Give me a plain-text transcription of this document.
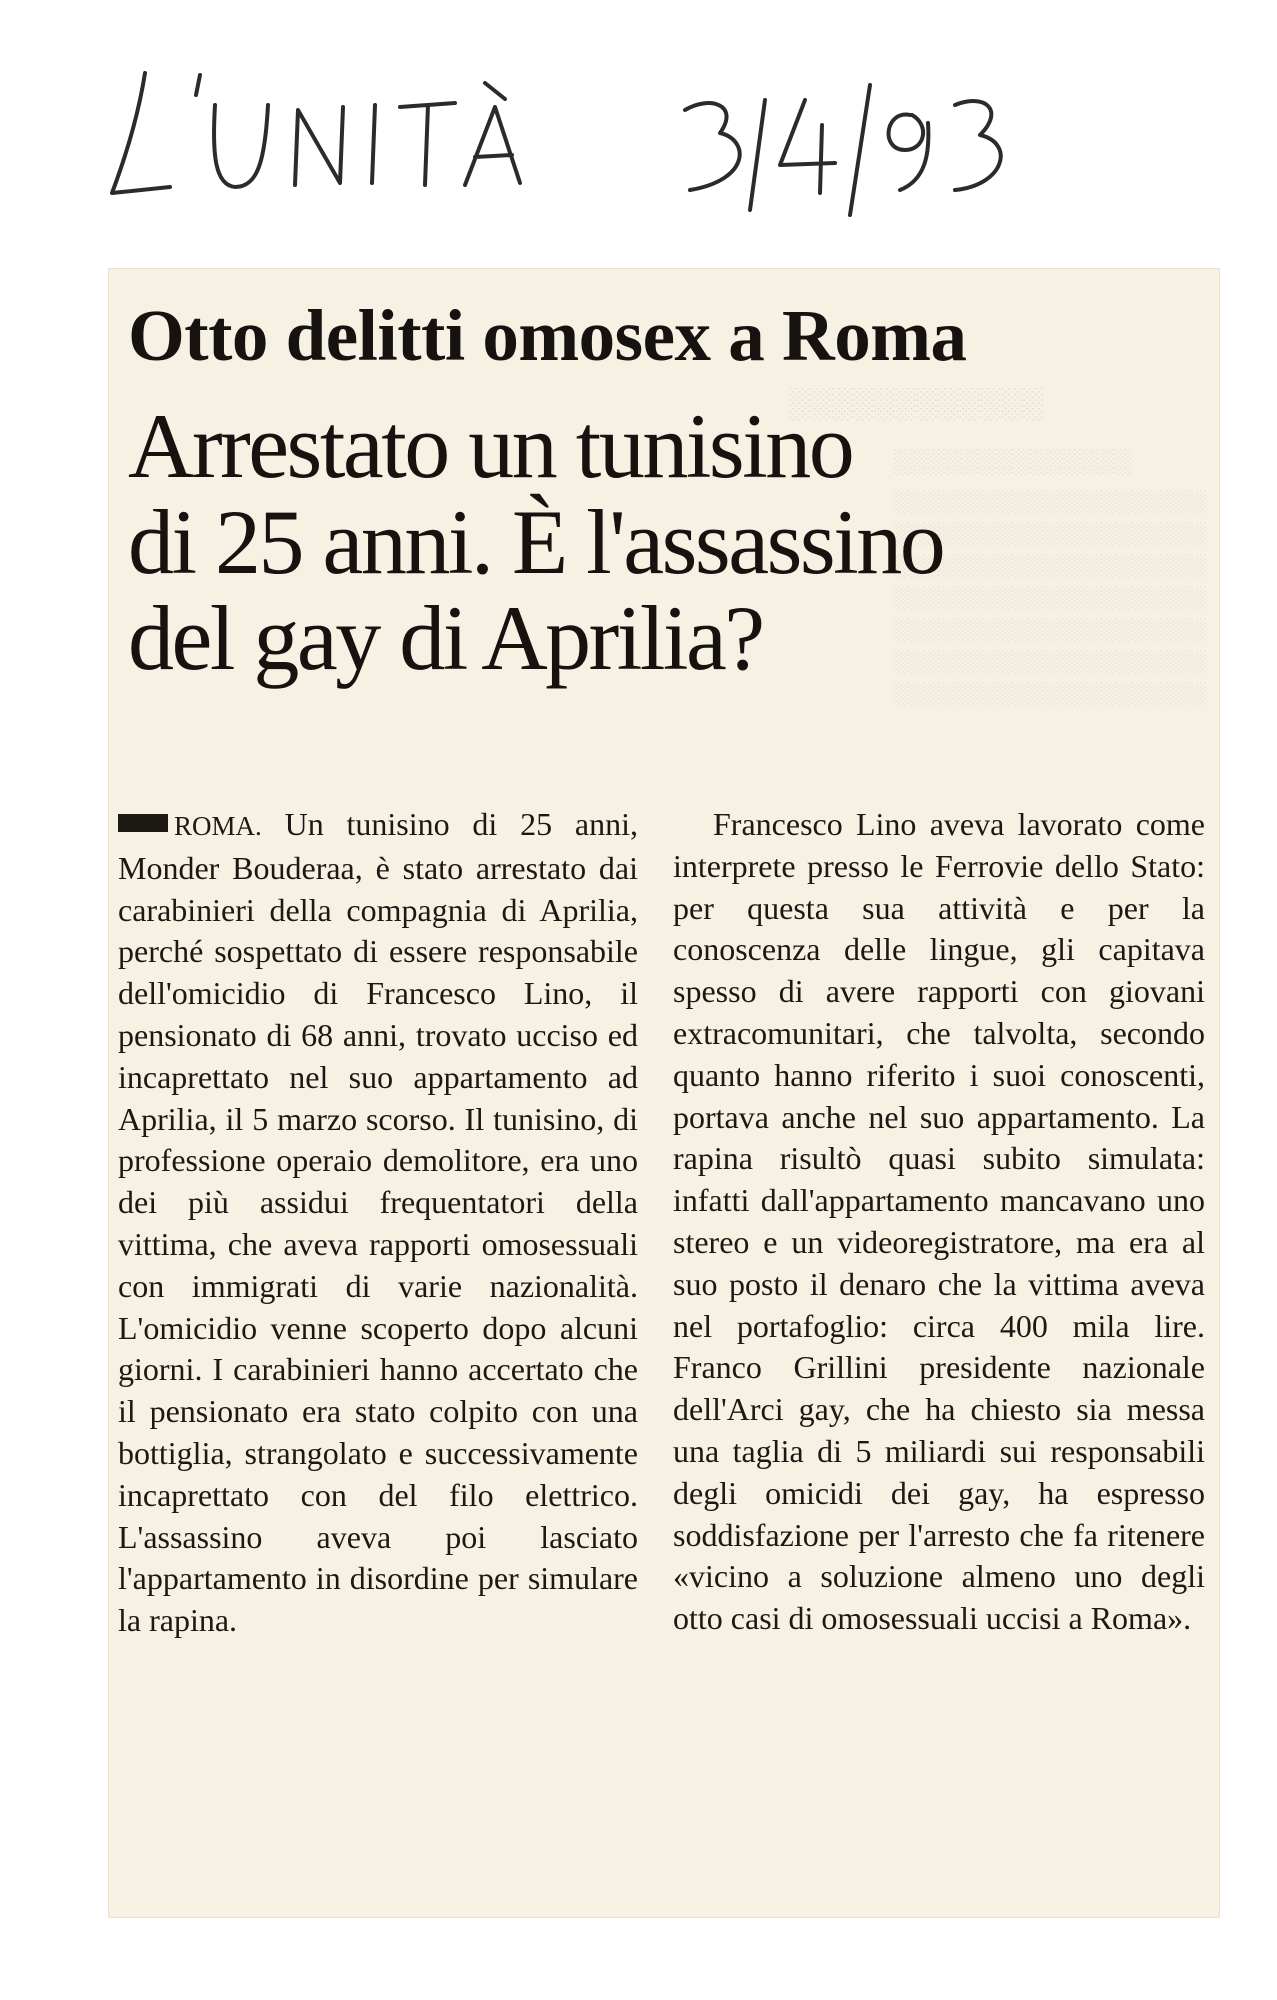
░░░░░░░░░░░░
░░░░░░░░░░░░░░
░░░░░░░░░░░░░░░░░░░░░
░░░░░░░░░░░░░░░░░░░░░
░░░░░░░░░░░░░░░░░░░░░
░░░░░░░░░░░░░░░░░░░░░
░░░░░░░░░░░░░░░░░░░░░
░░░░░░░░░░░░░░░░░░░░░
░░░░░░░░░░░░░░░░░░░░░
Otto delitti omosex a Roma
Arrestato un tunisino
di 25 anni. È l'assassino
del gay di Aprilia?

ROMA. Un tunisino di 25 anni, Monder Bouderaa, è stato arrestato dai carabinieri della compagnia di Aprilia, perché sospettato di essere responsabile dell'omicidio di Francesco Lino, il pensionato di 68 anni, trovato ucciso ed incaprettato nel suo appartamento ad Aprilia, il 5 marzo scorso. Il tunisino, di professione operaio demolitore, era uno dei più assidui frequentatori della vittima, che aveva rapporti omosessuali con immigrati di varie nazionalità. L'omicidio venne scoperto dopo alcuni giorni. I carabinieri hanno accertato che il pensionato era stato colpito con una bottiglia, strangolato e successivamente incaprettato con del filo elettrico. L'assassino aveva poi lasciato l'appartamento in disordine per simulare la rapina.

Francesco Lino aveva lavorato come interprete presso le Ferrovie dello Stato: per questa sua attività e per la conoscenza delle lingue, gli capitava spesso di avere rapporti con giovani extracomunitari, che talvolta, secondo quanto hanno riferito i suoi conoscenti, portava anche nel suo appartamento. La rapina risultò quasi subito simulata: infatti dall'appartamento mancavano uno stereo e un videoregistratore, ma era al suo posto il denaro che la vittima aveva nel portafoglio: circa 400 mila lire. Franco Grillini presidente nazionale dell'Arci gay, che ha chiesto sia messa una taglia di 5 miliardi sui responsabili degli omicidi dei gay, ha espresso soddisfazione per l'arresto che fa ritenere «vicino a soluzione almeno uno degli otto casi di omosessuali uccisi a Roma».
